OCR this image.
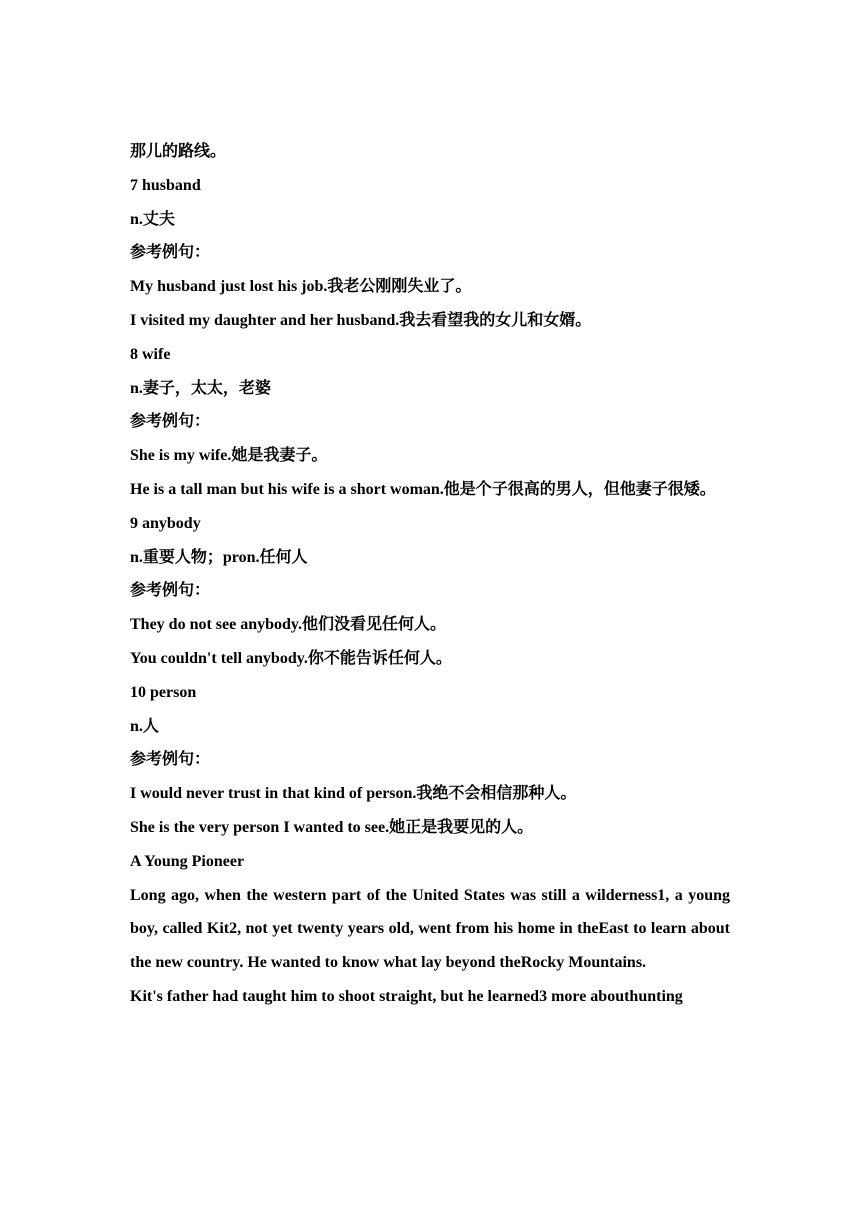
那儿的路线。
7 husband
n.丈夫
参考例句：
My husband just lost his job.我老公刚刚失业了。
I visited my daughter and her husband.我去看望我的女儿和女婿。
8 wife
n.妻子，太太，老婆
参考例句：
She is my wife.她是我妻子。

He is a tall man but his wife is a short woman.他是个子很高的男人，但他妻子很矮。

9 anybody
n.重要人物；pron.任何人
参考例句：
They do not see anybody.他们没看见任何人。
You couldn't tell anybody.你不能告诉任何人。
10 person
n.人
参考例句：
I would never trust in that kind of person.我绝不会相信那种人。
She is the very person I wanted to see.她正是我要见的人。
A Young Pioneer

Long ago, when the western part of the United States was still a wilderness1, a young boy, called Kit2, not yet twenty years old, went from his home in theEast to learn about the new country. He wanted to know what lay beyond theRocky Mountains.

Kit's father had taught him to shoot straight, but he learned3 more abouthunting
